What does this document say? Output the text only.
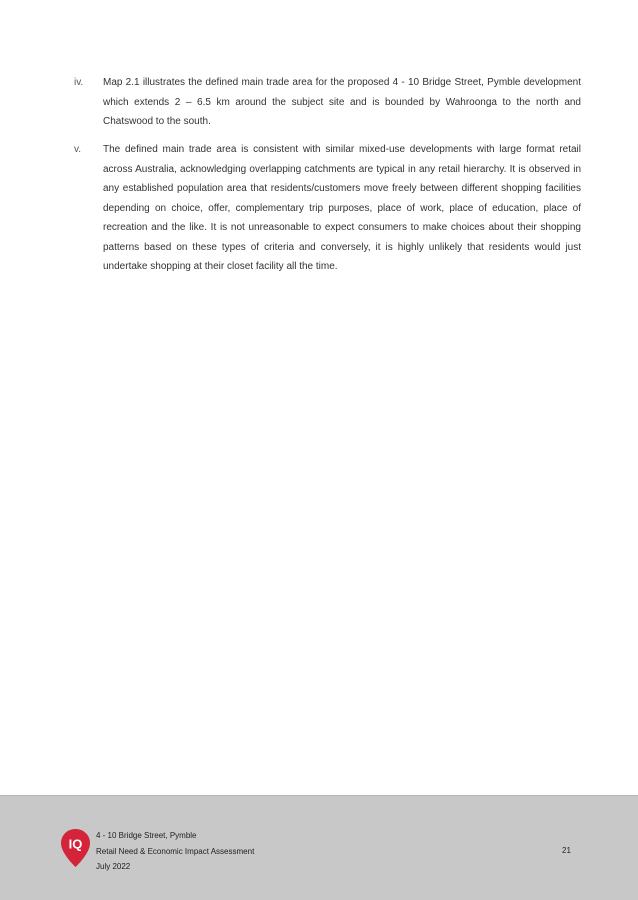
iv. Map 2.1 illustrates the defined main trade area for the proposed 4 - 10 Bridge Street, Pymble development which extends 2 – 6.5 km around the subject site and is bounded by Wahroonga to the north and Chatswood to the south.
v. The defined main trade area is consistent with similar mixed-use developments with large format retail across Australia, acknowledging overlapping catchments are typical in any retail hierarchy. It is observed in any established population area that residents/customers move freely between different shopping facilities depending on choice, offer, complementary trip purposes, place of work, place of education, place of recreation and the like. It is not unreasonable to expect consumers to make choices about their shopping patterns based on these types of criteria and conversely, it is highly unlikely that residents would just undertake shopping at their closet facility all the time.
IQ
4 - 10 Bridge Street, Pymble
Retail Need & Economic Impact Assessment
July 2022
21
